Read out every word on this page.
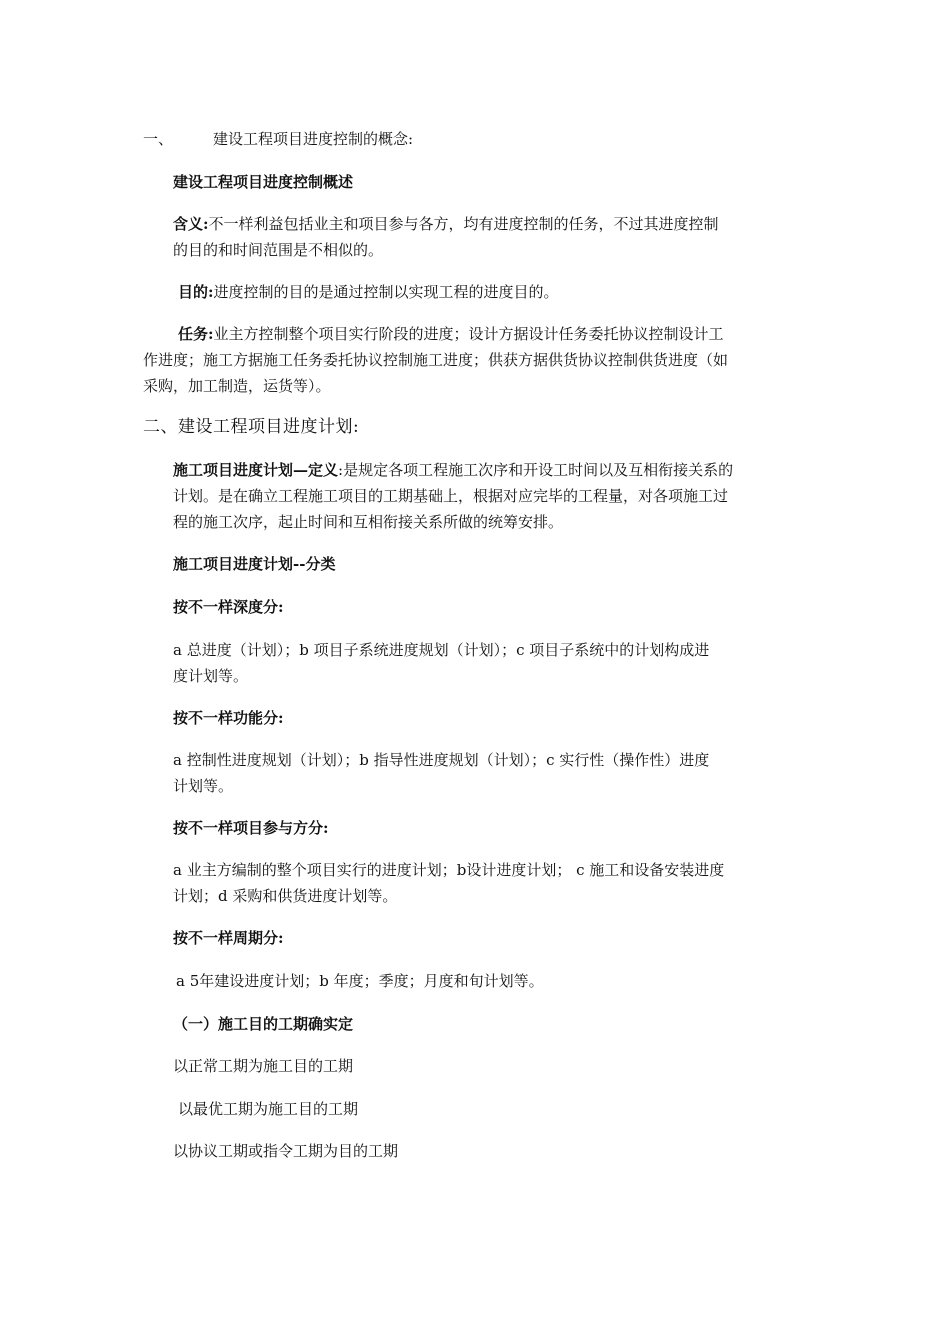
一、	建设工程项目进度控制的概念:
建设工程项目进度控制概述
含义:不一样利益包括业主和项目参与各方，均有进度控制的任务，不过其进度控制
的目的和时间范围是不相似的。
目的:进度控制的目的是通过控制以实现工程的进度目的。
任务:业主方控制整个项目实行阶段的进度；设计方据设计任务委托协议控制设计工
作进度；施工方据施工任务委托协议控制施工进度；供获方据供货协议控制供货进度（如
采购，加工制造，运货等）。
二、建设工程项目进度计划:
施工项目进度计划—定义:是规定各项工程施工次序和开设工时间以及互相衔接关系的
计划。是在确立工程施工项目的工期基础上，根据对应完毕的工程量，对各项施工过
程的施工次序，起止时间和互相衔接关系所做的统筹安排。
施工项目进度计划--分类
按不一样深度分:
a 总进度（计划）；b 项目子系统进度规划（计划）；c 项目子系统中的计划构成进
度计划等。
按不一样功能分:
a 控制性进度规划（计划）；b 指导性进度规划（计划）；c 实行性（操作性）进度
计划等。
按不一样项目参与方分:
a 业主方编制的整个项目实行的进度计划；b设计进度计划； c 施工和设备安装进度
计划；d 采购和供货进度计划等。
按不一样周期分:
a 5年建设进度计划；b 年度；季度；月度和旬计划等。
（一）施工目的工期确实定
以正常工期为施工目的工期
以最优工期为施工目的工期
以协议工期或指令工期为目的工期
